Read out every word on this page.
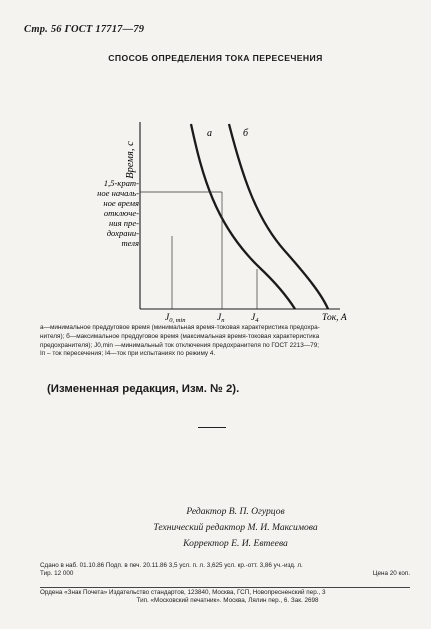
Стр. 56 ГОСТ 17717—79
СПОСОБ ОПРЕДЕЛЕНИЯ ТОКА ПЕРЕСЕЧЕНИЯ
Время, с
Ток, А
а	б
1,5-крат-
ное началь-
ное время
отключе-
ния пре-
дохрани-
теля
$J_{0, min}$	$J_п$	$J_4$

а—минимальное преддуговое время (минимальная время-токовая характеристика предохра-

нителя); б—максимальное преддуговое время (максимальная время-токовая характеристика

предохранителя); J0,min —минимальный ток отключения предохранителя по ГОСТ 2213—79;

Iп – ток пересечения; I4—ток при испытаниях по режиму 4.

(Измененная редакция, Изм. № 2).
Редактор В. П. Огурцов
Технический редактор М. И. Максимова
Корректор Е. И. Евтеева
Сдано в наб. 01.10.86 Подп. в печ. 20.11.86 3,5 усл. п. л. 3,625 усл. кр.-отт. 3,86 уч.-изд. л.
Тир. 12 000	Цена 20 коп.
Ордена «Знак Почета» Издательство стандартов, 123840, Москва, ГСП, Новопресненский пер., 3
Тип. «Московский печатник». Москва, Лялин пер., 6. Зак. 2698
